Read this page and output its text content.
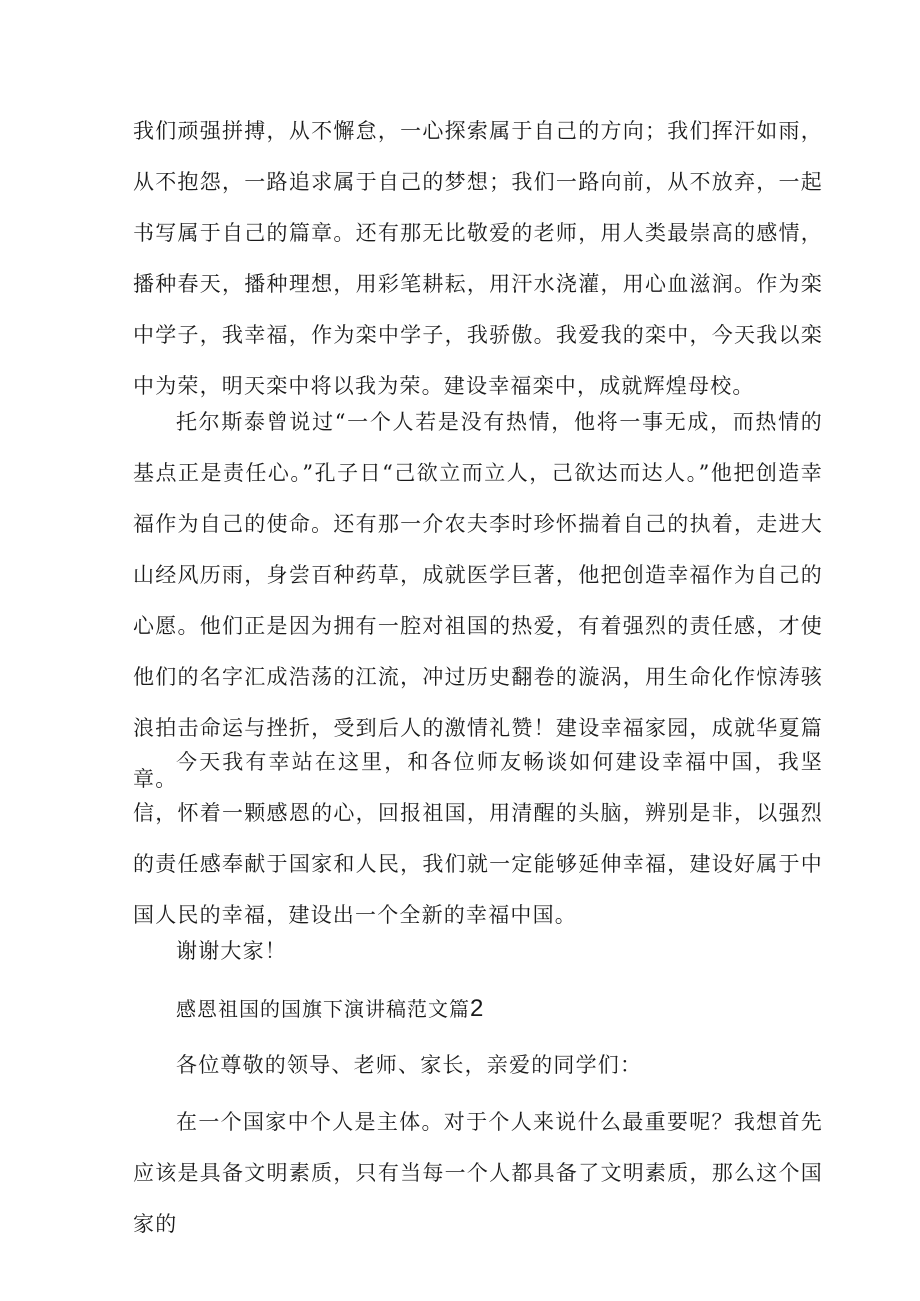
我们顽强拼搏，从不懈怠，一心探索属于自己的方向；我们挥汗如雨，从不抱怨，一路追求属于自己的梦想；我们一路向前，从不放弃，一起书写属于自己的篇章。还有那无比敬爱的老师，用人类最崇高的感情，播种春天，播种理想，用彩笔耕耘，用汗水浇灌，用心血滋润。作为栾中学子，我幸福，作为栾中学子，我骄傲。我爱我的栾中，今天我以栾中为荣，明天栾中将以我为荣。建设幸福栾中，成就辉煌母校。

托尔斯泰曾说过“一个人若是没有热情，他将一事无成，而热情的基点正是责任心。”孔子日“己欲立而立人，己欲达而达人。”他把创造幸福作为自己的使命。还有那一介农夫李时珍怀揣着自己的执着，走进大山经风历雨，身尝百种药草，成就医学巨著，他把创造幸福作为自己的心愿。他们正是因为拥有一腔对祖国的热爱，有着强烈的责任感，才使他们的名字汇成浩荡的江流，冲过历史翻卷的漩涡，用生命化作惊涛骇浪拍击命运与挫折，受到后人的激情礼赞！建设幸福家园，成就华夏篇章。

今天我有幸站在这里，和各位师友畅谈如何建设幸福中国，我坚信，怀着一颗感恩的心，回报祖国，用清醒的头脑，辨别是非，以强烈的责任感奉献于国家和人民，我们就一定能够延伸幸福，建设好属于中国人民的幸福，建设出一个全新的幸福中国。

谢谢大家！

感恩祖国的国旗下演讲稿范文篇2

各位尊敬的领导、老师、家长，亲爱的同学们：

在一个国家中个人是主体。对于个人来说什么最重要呢？我想首先应该是具备文明素质，只有当每一个人都具备了文明素质，那么这个国家的
